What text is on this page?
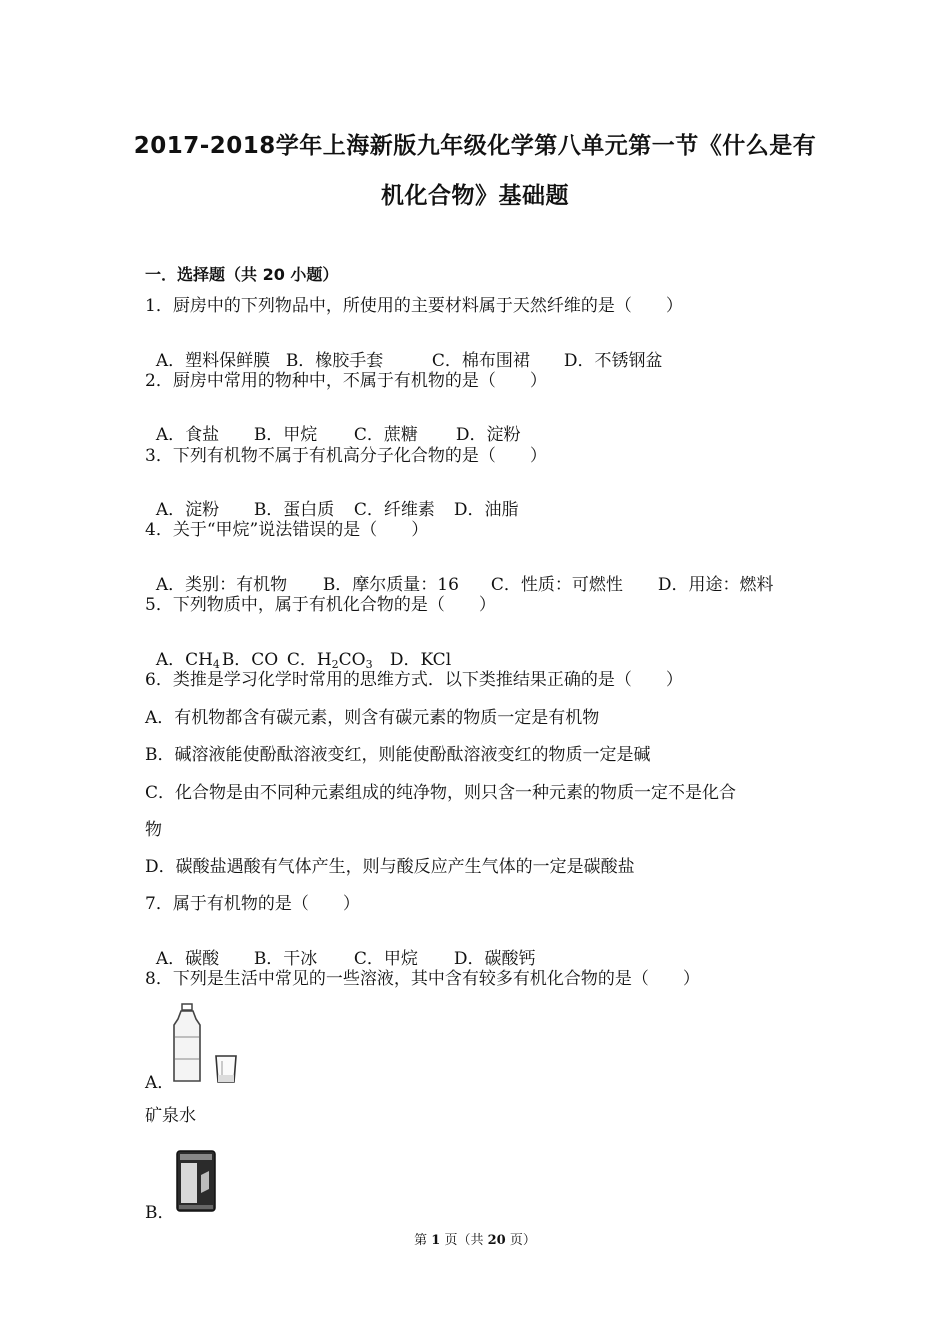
2017-2018学年上海新版九年级化学第八单元第一节《什么是有
机化合物》基础题
一．选择题（共 20 小题）
1．厨房中的下列物品中，所使用的主要材料属于天然纤维的是（　　）

A．塑料保鲜膜 B．橡胶手套	C．棉布围裙 D．不锈钢盆

2．厨房中常用的物种中，不属于有机物的是（　　）

A．食盐 B．甲烷 C．蔗糖 D．淀粉

3．下列有机物不属于有机高分子化合物的是（　　）

A．淀粉 B．蛋白质 C．纤维素 D．油脂

4．关于“甲烷”说法错误的是（　　）

A．类别：有机物 B．摩尔质量：16 C．性质：可燃性 D．用途：燃料

5．下列物质中，属于有机化合物的是（　　）

A．$CH_4$ B．CO C．$H_2CO_3$ D．KCl

6．类推是学习化学时常用的思维方式．以下类推结果正确的是（　　）
A．有机物都含有碳元素，则含有碳元素的物质一定是有机物
B．碱溶液能使酚酞溶液变红，则能使酚酞溶液变红的物质一定是碱
C．化合物是由不同种元素组成的纯净物，则只含一种元素的物质一定不是化合
物
D．碳酸盐遇酸有气体产生，则与酸反应产生气体的一定是碳酸盐
7．属于有机物的是（　　）

A．碳酸 B．干冰 C．甲烷 D．碳酸钙

8．下列是生活中常见的一些溶液，其中含有较多有机化合物的是（　　）
A．
矿泉水
B．
第 1 页（共 20 页）
